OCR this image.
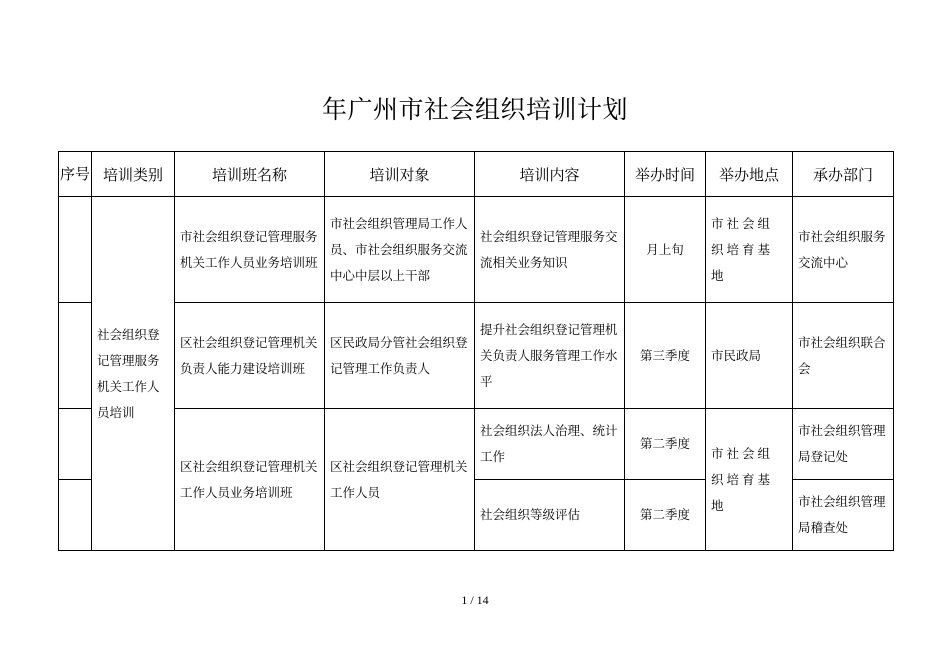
年广州市社会组织培训计划
序号	培训类别	培训班名称	培训对象	培训内容	举办时间	举办地点	承办部门

	社会组织登记管理服务机关工作人员培训	市社会组织登记管理服务机关工作人员业务培训班	市社会组织管理局工作人员、市社会组织服务交流中心中层以上干部	社会组织登记管理服务交流相关业务知识	月上旬	市社会组织培育基地	市社会组织服务交流中心

		区社会组织登记管理机关负责人能力建设培训班	区民政局分管社会组织登记管理工作负责人	提升社会组织登记管理机关负责人服务管理工作水平	第三季度	市民政局	市社会组织联合会

		区社会组织登记管理机关工作人员业务培训班	区社会组织登记管理机关工作人员	社会组织法人治理、统计工作	第二季度	市社会组织培育基地	市社会组织管理局登记处

				社会组织等级评估	第二季度		市社会组织管理局稽查处
1 / 14
